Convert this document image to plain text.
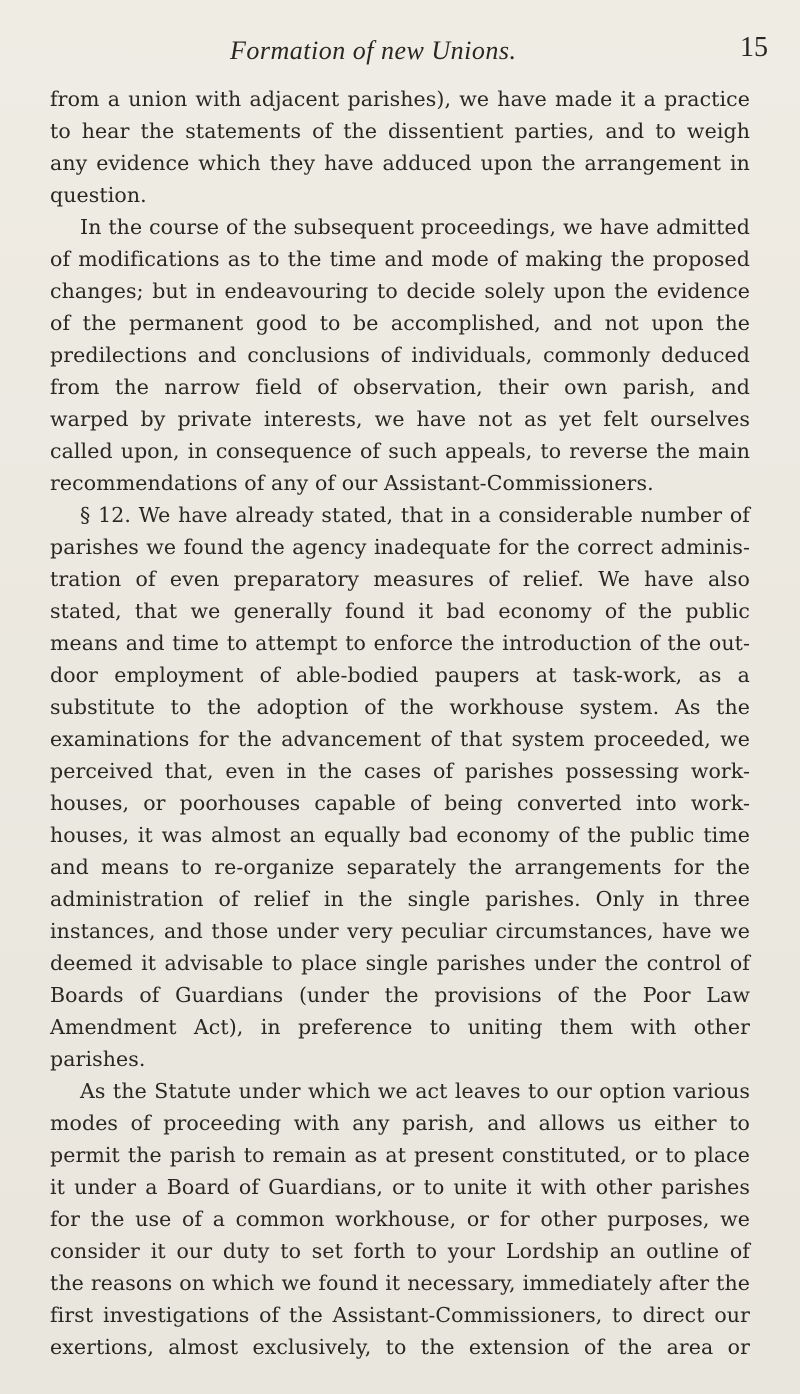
Formation of new Unions.	15
from a union with adjacent parishes), we have made it a practice
to hear the statements of the dissentient parties, and to weigh
any evidence which they have adduced upon the arrangement in
question.
In the course of the subsequent proceedings, we have admitted
of modifications as to the time and mode of making the proposed
changes; but in endeavouring to decide solely upon the evidence
of the permanent good to be accomplished, and not upon the
predilections and conclusions of individuals, commonly deduced
from the narrow field of observation, their own parish, and
warped by private interests, we have not as yet felt ourselves
called upon, in consequence of such appeals, to reverse the main
recommendations of any of our Assistant-Commissioners.
§ 12. We have already stated, that in a considerable number of
parishes we found the agency inadequate for the correct adminis-
tration of even preparatory measures of relief. We have also
stated, that we generally found it bad economy of the public
means and time to attempt to enforce the introduction of the out-
door employment of able-bodied paupers at task-work, as a
substitute to the adoption of the workhouse system. As the
examinations for the advancement of that system proceeded, we
perceived that, even in the cases of parishes possessing work-
houses, or poorhouses capable of being converted into work-
houses, it was almost an equally bad economy of the public time
and means to re-organize separately the arrangements for the
administration of relief in the single parishes. Only in three
instances, and those under very peculiar circumstances, have we
deemed it advisable to place single parishes under the control of
Boards of Guardians (under the provisions of the Poor Law
Amendment Act), in preference to uniting them with other
parishes.
As the Statute under which we act leaves to our option various
modes of proceeding with any parish, and allows us either to
permit the parish to remain as at present constituted, or to place
it under a Board of Guardians, or to unite it with other parishes
for the use of a common workhouse, or for other purposes, we
consider it our duty to set forth to your Lordship an outline of
the reasons on which we found it necessary, immediately after the
first investigations of the Assistant-Commissioners, to direct our
exertions, almost exclusively, to the extension of the area or
